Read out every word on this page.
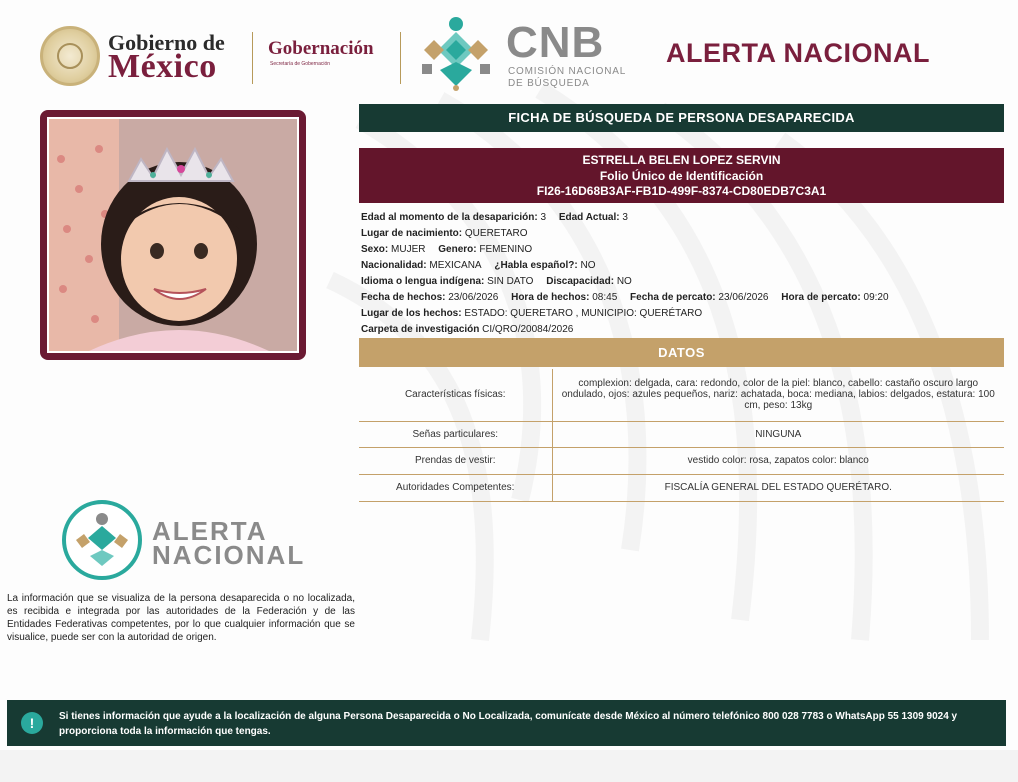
Gobierno de
México	Gobernación
Secretaría de Gobernación	CNB
COMISIÓN NACIONAL
DE BÚSQUEDA
ALERTA NACIONAL
FICHA DE BÚSQUEDA DE PERSONA DESAPARECIDA
ESTRELLA BELEN LOPEZ SERVIN
Folio Único de Identificación
FI26-16D68B3AF-FB1D-499F-8374-CD80EDB7C3A1
Edad al momento de la desaparición: 3 Edad Actual: 3
Lugar de nacimiento: QUERETARO
Sexo: MUJER Genero: FEMENINO
Nacionalidad: MEXICANA ¿Habla español?: NO
Idioma o lengua indígena: SIN DATO Discapacidad: NO
Fecha de hechos: 23/06/2026 Hora de hechos: 08:45 Fecha de percato: 23/06/2026 Hora de percato: 09:20
Lugar de los hechos: ESTADO: QUERETARO , MUNICIPIO: QUERÉTARO
Carpeta de investigación CI/QRO/20084/2026
DATOS
Características físicas:	complexion: delgada, cara: redondo, color de la piel: blanco, cabello: castaño oscuro largo ondulado, ojos: azules pequeños, nariz: achatada, boca: mediana, labios: delgados, estatura: 100 cm, peso: 13kg
Señas particulares:	NINGUNA
Prendas de vestir:	vestido color: rosa, zapatos color: blanco
Autoridades Competentes:	FISCALÍA GENERAL DEL ESTADO QUERÉTARO.
ALERTA
NACIONAL
La información que se visualiza de la persona desaparecida o no localizada, es recibida e integrada por las autoridades de la Federación y de las Entidades Federativas competentes, por lo que cualquier información que se visualice, puede ser con la autoridad de origen.
!	Si tienes información que ayude a la localización de alguna Persona Desaparecida o No Localizada, comunícate desde México al número telefónico 800 028 7783 o WhatsApp 55 1309 9024 y proporciona toda la información que tengas.
